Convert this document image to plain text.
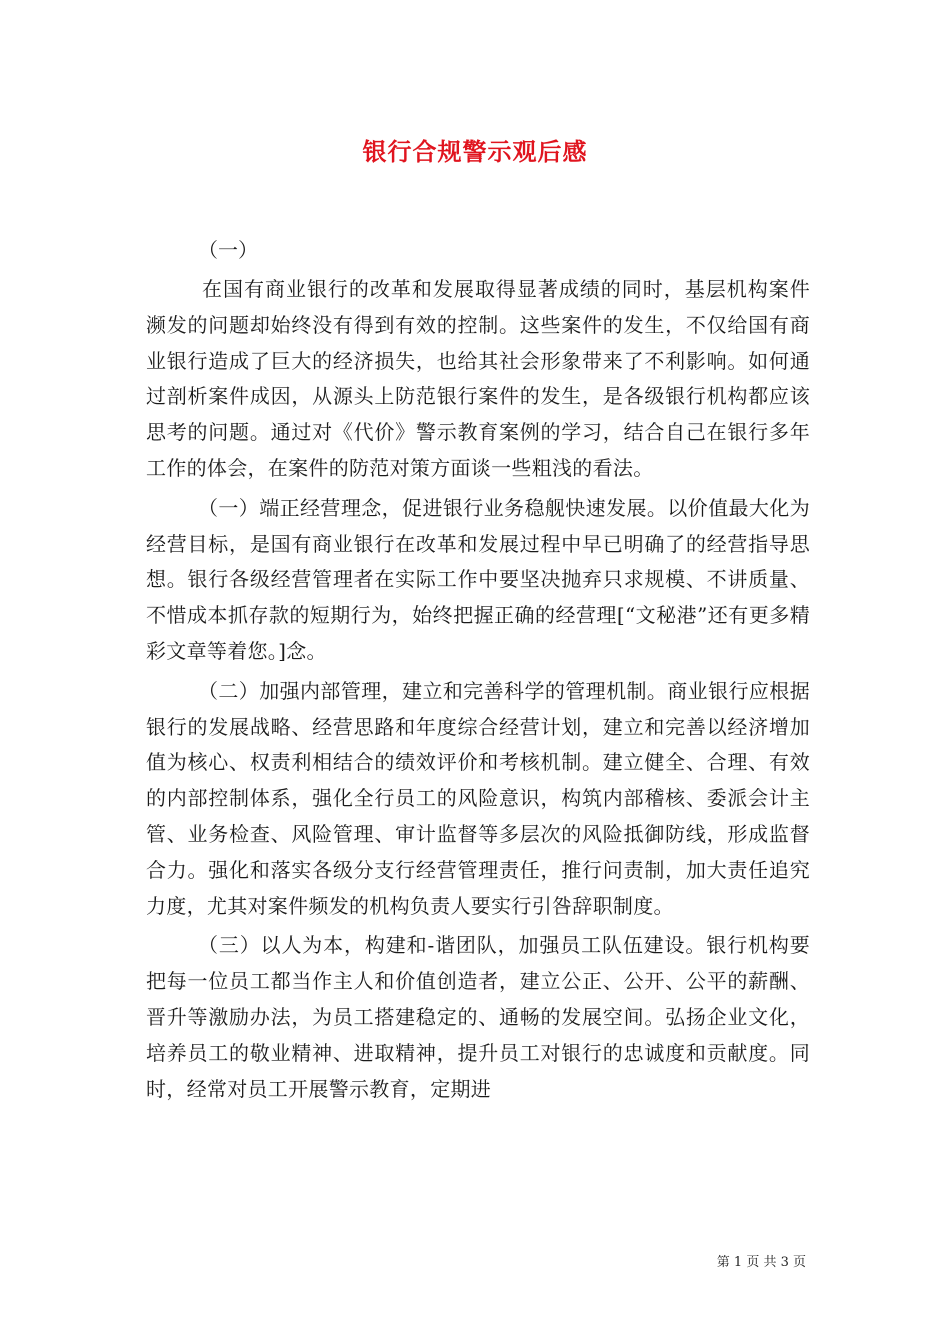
银行合规警示观后感

（一）

在国有商业银行的改革和发展取得显著成绩的同时，基层机构案件濒发的问题却始终没有得到有效的控制。这些案件的发生，不仅给国有商业银行造成了巨大的经济损失，也给其社会形象带来了不利影响。如何通过剖析案件成因，从源头上防范银行案件的发生，是各级银行机构都应该思考的问题。通过对《代价》警示教育案例的学习，结合自己在银行多年工作的体会，在案件的防范对策方面谈一些粗浅的看法。

（一）端正经营理念，促进银行业务稳舰快速发展。以价值最大化为经营目标，是国有商业银行在改革和发展过程中早已明确了的经营指导思想。银行各级经营管理者在实际工作中要坚决抛弃只求规模、不讲质量、不惜成本抓存款的短期行为，始终把握正确的经营理[“文秘港”还有更多精彩文章等着您。]念。

（二）加强内部管理，建立和完善科学的管理机制。商业银行应根据银行的发展战略、经营思路和年度综合经营计划，建立和完善以经济增加值为核心、权责利相结合的绩效评价和考核机制。建立健全、合理、有效的内部控制体系，强化全行员工的风险意识，构筑内部稽核、委派会计主管、业务检查、风险管理、审计监督等多层次的风险抵御防线，形成监督合力。强化和落实各级分支行经营管理责任，推行问责制，加大责任追究力度，尤其对案件频发的机构负责人要实行引咎辞职制度。

（三）以人为本，构建和-谐团队，加强员工队伍建设。银行机构要把每一位员工都当作主人和价值创造者，建立公正、公开、公平的薪酬、晋升等激励办法，为员工搭建稳定的、通畅的发展空间。弘扬企业文化，培养员工的敬业精神、进取精神，提升员工对银行的忠诚度和贡献度。同时，经常对员工开展警示教育，定期进

第 1 页 共 3 页
